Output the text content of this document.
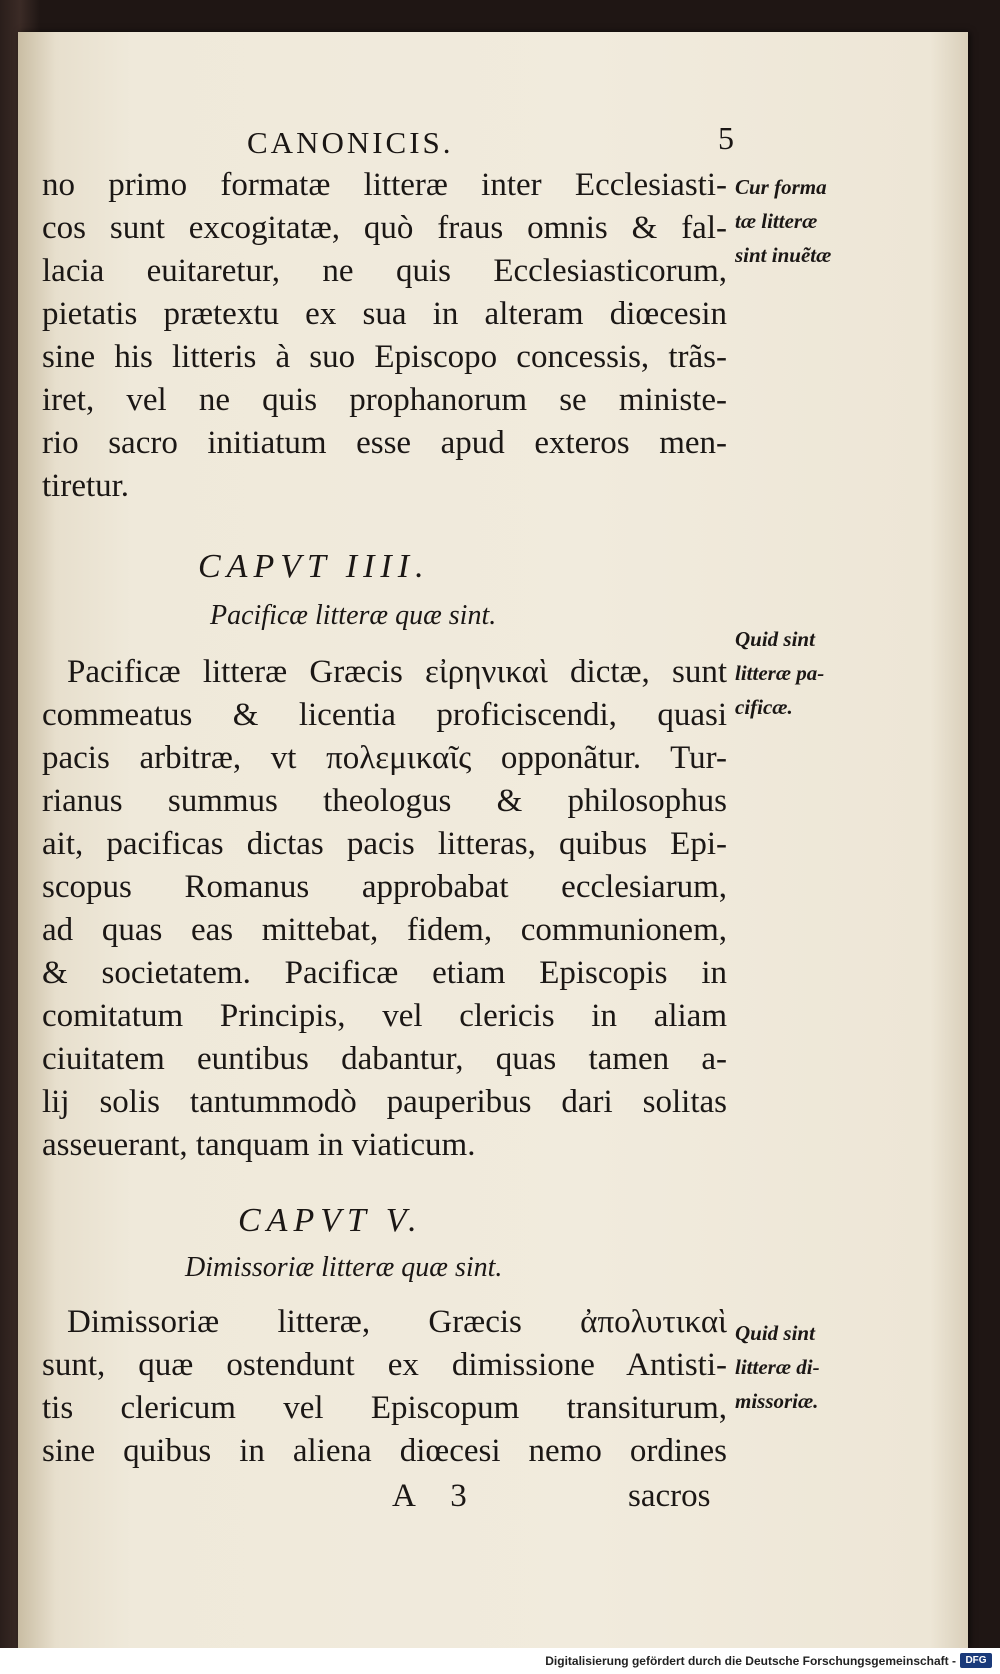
CANONICIS.	5
no primo formatæ litteræ inter Ecclesiasti-
cos sunt excogitatæ, quò fraus omnis & fal-
lacia euitaretur, ne quis Ecclesiasticorum,
pietatis prætextu ex sua in alteram diœcesin
sine his litteris à suo Episcopo concessis, trãs-
iret, vel ne quis prophanorum se ministe-
rio sacro initiatum esse apud exteros men-
tiretur.
Cur forma
tæ litteræ
sint inuẽtæ
CAPVT IIII.
Pacificæ litteræ quæ sint.
Pacificæ litteræ Græcis εἰρηνικαὶ dictæ, sunt
commeatus & licentia proficiscendi, quasi
pacis arbitræ, vt πολεμικαῖς opponãtur. Tur-
rianus summus theologus & philosophus
ait, pacificas dictas pacis litteras, quibus Epi-
scopus Romanus approbabat ecclesiarum,
ad quas eas mittebat, fidem, communionem,
& societatem. Pacificæ etiam Episcopis in
comitatum Principis, vel clericis in aliam
ciuitatem euntibus dabantur, quas tamen a-
lij solis tantummodò pauperibus dari solitas
asseuerant, tanquam in viaticum.
Quid sint
litteræ pa-
cificæ.
CAPVT V.
Dimissoriæ litteræ quæ sint.
Dimissoriæ litteræ, Græcis ἀπολυτικαὶ
sunt, quæ ostendunt ex dimissione Antisti-
tis clericum vel Episcopum transiturum,
sine quibus in aliena diœcesi nemo ordines
Quid sint
litteræ di-
missoriæ.
A 3	sacros
Digitalisierung gefördert durch die Deutsche Forschungsgemeinschaft - DFG
